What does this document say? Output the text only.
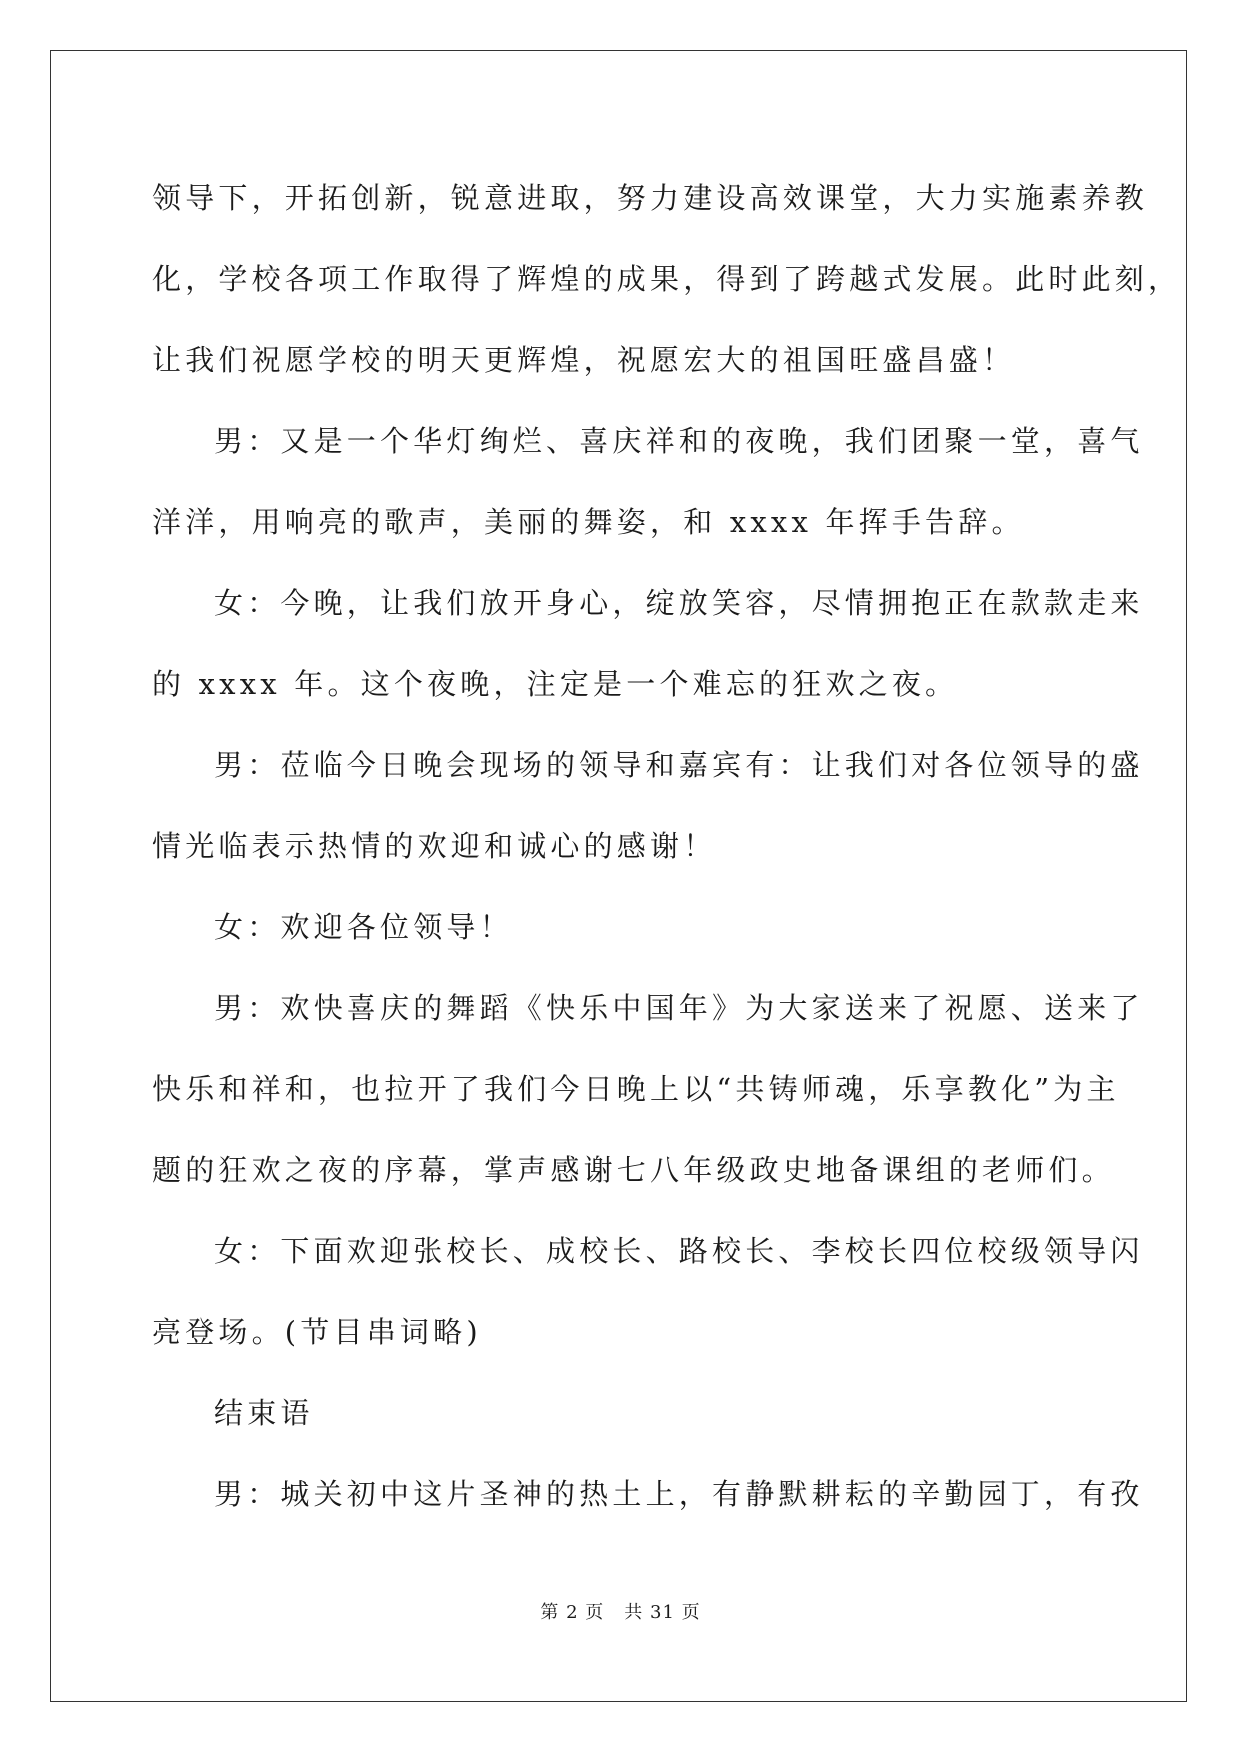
领导下，开拓创新，锐意进取，努力建设高效课堂，大力实施素养教

化，学校各项工作取得了辉煌的成果，得到了跨越式发展。此时此刻，

让我们祝愿学校的明天更辉煌，祝愿宏大的祖国旺盛昌盛！

男：又是一个华灯绚烂、喜庆祥和的夜晚，我们团聚一堂，喜气

洋洋，用响亮的歌声，美丽的舞姿，和 xxxx 年挥手告辞。

女：今晚，让我们放开身心，绽放笑容，尽情拥抱正在款款走来

的 xxxx 年。这个夜晚，注定是一个难忘的狂欢之夜。

男：莅临今日晚会现场的领导和嘉宾有：让我们对各位领导的盛

情光临表示热情的欢迎和诚心的感谢！

女：欢迎各位领导！

男：欢快喜庆的舞蹈《快乐中国年》为大家送来了祝愿、送来了

快乐和祥和，也拉开了我们今日晚上以“共铸师魂，乐享教化”为主

题的狂欢之夜的序幕，掌声感谢七八年级政史地备课组的老师们。

女：下面欢迎张校长、成校长、路校长、李校长四位校级领导闪

亮登场。(节目串词略)

结束语

男：城关初中这片圣神的热土上，有静默耕耘的辛勤园丁，有孜

第 2 页 共 31 页
